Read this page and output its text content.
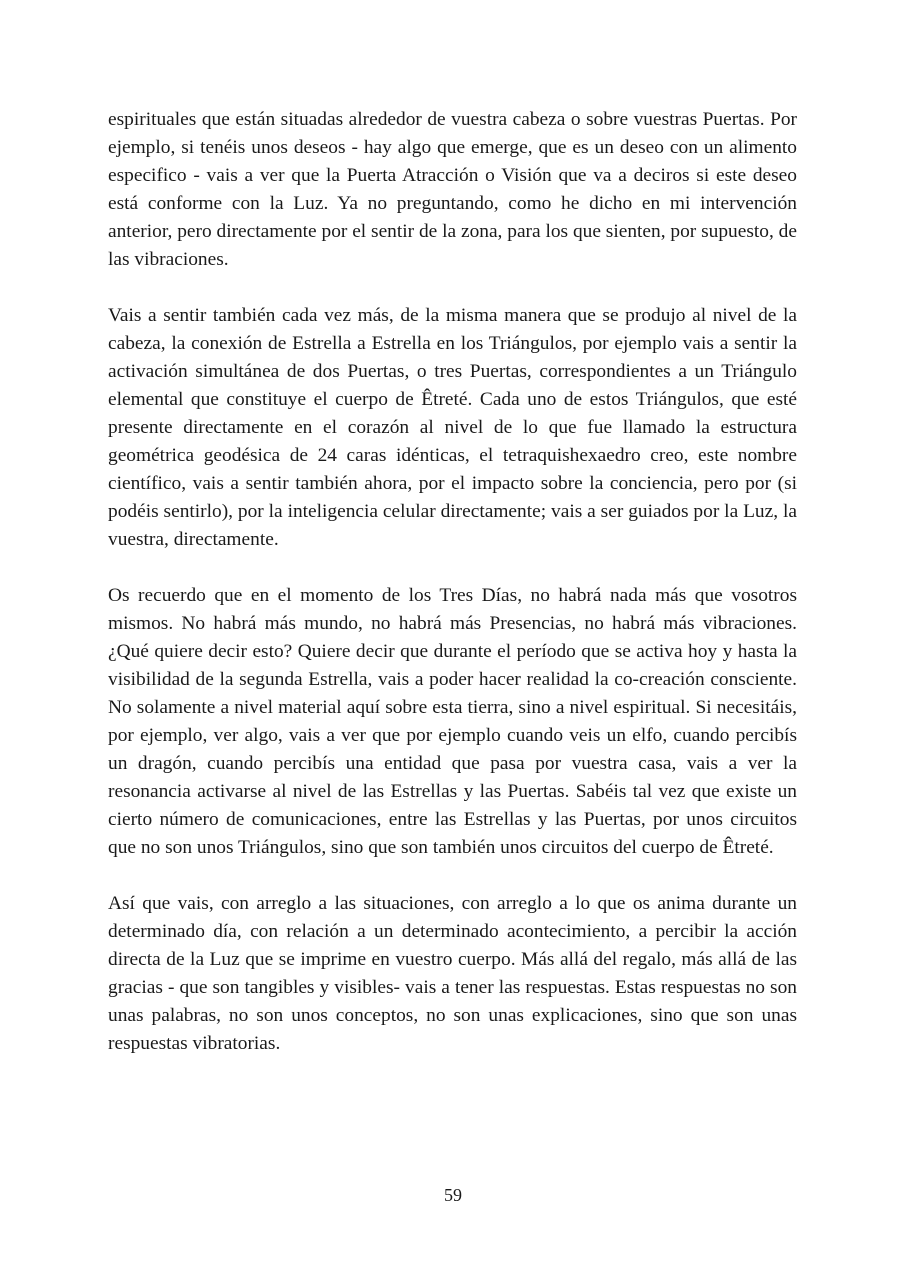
espirituales que están situadas alrededor de vuestra cabeza o sobre vuestras Puertas. Por ejemplo, si tenéis unos deseos - hay algo que emerge, que es un deseo con un alimento especifico - vais a ver que la Puerta Atracción o Visión que va a deciros si este deseo está conforme con la Luz. Ya no preguntando, como he dicho en mi intervención anterior, pero directamente por el sentir de la zona, para los que sienten, por supuesto, de las vibraciones.

Vais a sentir también cada vez más, de la misma manera que se produjo al nivel de la cabeza, la conexión de Estrella a Estrella en los Triángulos, por ejemplo vais a sentir la activación simultánea de dos Puertas, o tres Puertas, correspondientes a un Triángulo elemental que constituye el cuerpo de Êtreté. Cada uno de estos Triángulos, que esté presente directamente en el corazón al nivel de lo que fue llamado la estructura geométrica geodésica de 24 caras idénticas, el tetraquishexaedro creo, este nombre científico, vais a sentir también ahora, por el impacto sobre la conciencia, pero por (si podéis sentirlo), por la inteligencia celular directamente; vais a ser guiados por la Luz, la vuestra, directamente.

Os recuerdo que en el momento de los Tres Días, no habrá nada más que vosotros mismos. No habrá más mundo, no habrá más Presencias, no habrá más vibraciones. ¿Qué quiere decir esto? Quiere decir que durante el período que se activa hoy y hasta la visibilidad de la segunda Estrella, vais a poder hacer realidad la co-creación consciente. No solamente a nivel material aquí sobre esta tierra, sino a nivel espiritual. Si necesitáis, por ejemplo, ver algo, vais a ver que por ejemplo cuando veis un elfo, cuando percibís un dragón, cuando percibís una entidad que pasa por vuestra casa, vais a ver la resonancia activarse al nivel de las Estrellas y las Puertas. Sabéis tal vez que existe un cierto número de comunicaciones, entre las Estrellas y las Puertas, por unos circuitos que no son unos Triángulos, sino que son también unos circuitos del cuerpo de Êtreté.

Así que vais, con arreglo a las situaciones, con arreglo a lo que os anima durante un determinado día, con relación a un determinado acontecimiento, a percibir la acción directa de la Luz que se imprime en vuestro cuerpo. Más allá del regalo, más allá de las gracias - que son tangibles y visibles- vais a tener las respuestas. Estas respuestas no son unas palabras, no son unos conceptos, no son unas explicaciones, sino que son unas respuestas vibratorias.

59
